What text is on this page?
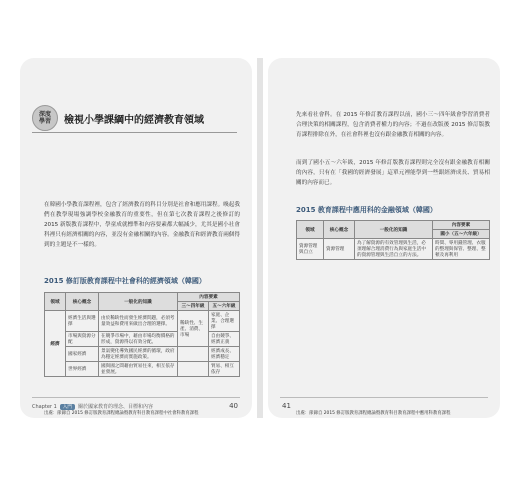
深度
學習 檢視小學課綱中的經濟教育領域
在韓國小學教育課程裡，包含了經濟教育的科目分別是社會和應用課程。喚起我們在教學現場強調學校金融教育的重要性，但在第七次教育課程之後修訂的 2015 新版教育課程中，學童成就標準和內容要素都大幅減少，尤其是國小社會科裡只有經濟相關的內容，並沒有金融相關的內容。金融教育和經濟教育兩個得到的主題是不一樣的。
2015 修訂版教育課程中社會科的經濟領域（韓國）
領域	核心概念	一般化的知識	內容要素	
			三～四年級	五～六年級
經濟	經濟生活與選擇	由於稀缺性而發生經濟問題，必須考量效益和費用來做出合理的選擇。	稀缺性、生產、消費、市場	家庭、企業、合理選擇
	市場與資源分配	在競爭市場中，藉由市場均衡價格的形成，資源得以有效分配。		自由競爭、經濟正義
	國家經濟	景氣變化導致國民經濟的循環，政府為穩定經濟而實施政策。		經濟成長、經濟穩定
	世界經濟	國與國之間藉由貿易往來，相互依存並發展。		貿易、相互依存
出處：節錄自 2015 修訂版教育課程總論暨教育科目教育課程中社會科教育課程
Chapter 1	入門	關於國家教育的理念、目標和內容	40
先來看社會科。在 2015 年修訂教育課程以前，國小三～四年級會學習消費者合理決策的相關課程，包含消費者權力的內容；不過在改版後 2015 修訂版教育課程排除在外，在社會科裡也沒有跟金融教育相關的內容。
而到了國小五～六年級，2015 年修訂版教育課程則完全沒有跟金融教育相關的內容，只有在「我國的經濟發展」這單元裡能學到一些跟經濟成長、貿易相關的內容而已。
2015 教育課程中應用科的金融領域（韓國）
領域	核心概念	一般化的知識	內容要素
			國小（五～六年級）
資源管理與自立	資源管理	為了解資源的有效管理與生活，必須理解合理消費行為與家庭生活中的資源管理與生活自立的方法。	時間、零用錢管理、衣服的整理與保管、整理、整頓及再利用
出處：節錄自 2015 修訂版教育課程總論暨教育科目教育課程中應用科教育課程
41
